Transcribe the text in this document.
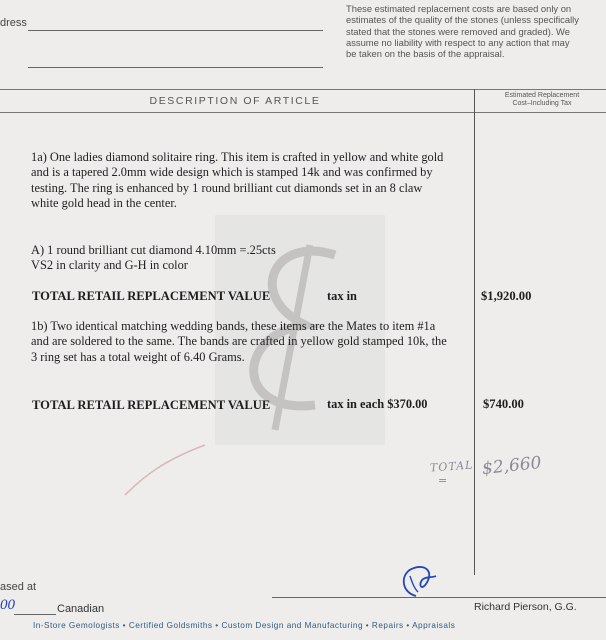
dress
These estimated replacement costs are based only on estimates of the quality of the stones (unless specifically stated that the stones were removed and graded). We assume no liability with respect to any action that may be taken on the basis of the appraisal.
DESCRIPTION OF ARTICLE	Estimated Replacement
Cost–Including Tax
1a) One ladies diamond solitaire ring. This item is crafted in yellow and white gold and is a tapered 2.0mm wide design which is stamped 14k and was confirmed by testing. The ring is enhanced by 1 round brilliant cut diamonds set in an 8 claw white gold head in the center.
A) 1 round brilliant cut diamond 4.10mm =.25cts
VS2 in clarity and G-H in color
TOTAL RETAIL REPLACEMENT VALUE	tax in	$1,920.00
1b) Two identical matching wedding bands, these items are the Mates to item #1a and are soldered to the same. The bands are crafted in yellow gold stamped 10k, the 3 ring set has a total weight of 6.40 Grams.
TOTAL RETAIL REPLACEMENT VALUE	tax in each $370.00	$740.00
TOTAL
=
$2,660
ased at
00	Canadian	Richard Pierson, G.G.
In-Store Gemologists • Certified Goldsmiths • Custom Design and Manufacturing • Repairs • Appraisals
